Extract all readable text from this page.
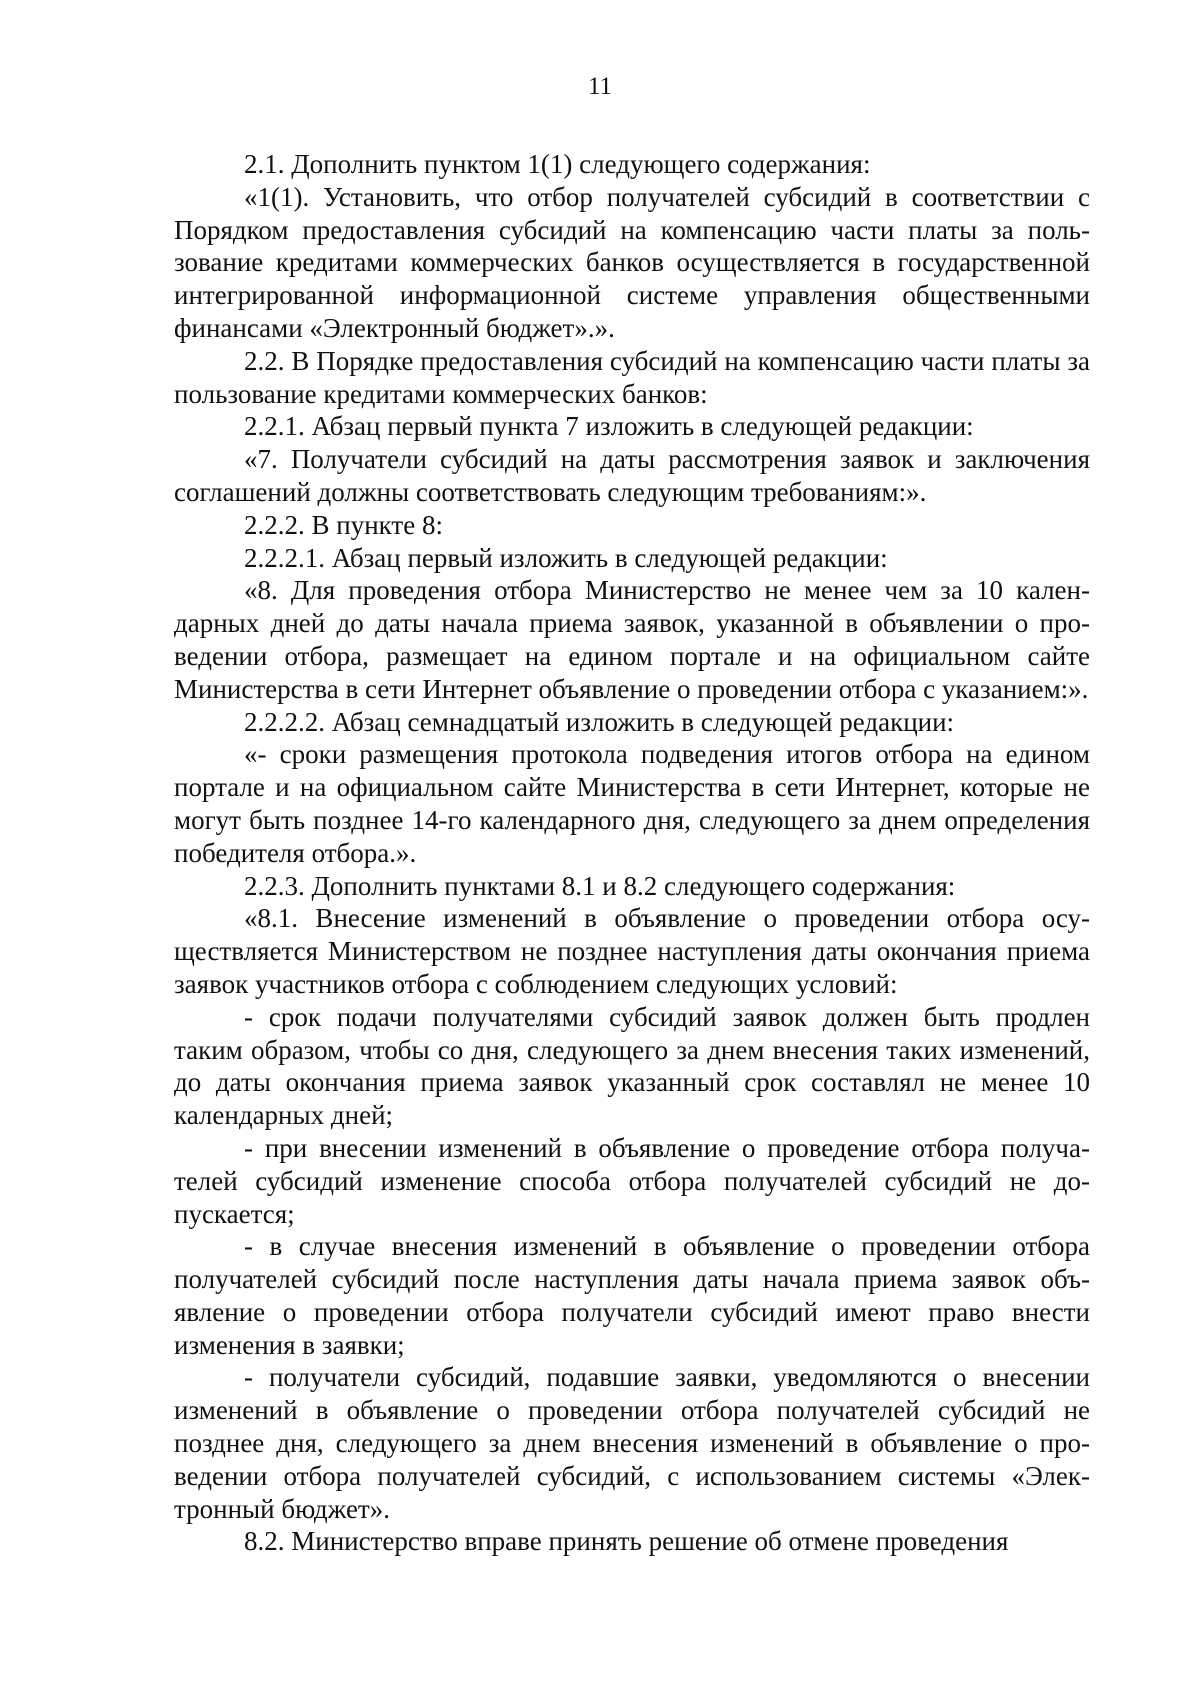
11

2.1. Дополнить пунктом 1(1) следующего содержания:

«1(1). Установить, что отбор получателей субсидий в соответствии с Порядком предоставления субсидий на компенсацию части платы за пользование кредитами коммерческих банков осуществляется в государственной интегрированной информационной системе управления общественными финансами «Электронный бюджет».».

2.2. В Порядке предоставления субсидий на компенсацию части платы за пользование кредитами коммерческих банков:

2.2.1. Абзац первый пункта 7 изложить в следующей редакции:

«7. Получатели субсидий на даты рассмотрения заявок и заключения соглашений должны соответствовать следующим требованиям:».

2.2.2. В пункте 8:

2.2.2.1. Абзац первый изложить в следующей редакции:

«8. Для проведения отбора Министерство не менее чем за 10 календарных дней до даты начала приема заявок, указанной в объявлении о проведении отбора, размещает на едином портале и на официальном сайте Министерства в сети Интернет объявление о проведении отбора с указанием:».

2.2.2.2. Абзац семнадцатый изложить в следующей редакции:

«- сроки размещения протокола подведения итогов отбора на едином портале и на официальном сайте Министерства в сети Интернет, которые не могут быть позднее 14-го календарного дня, следующего за днем определения победителя отбора.».

2.2.3. Дополнить пунктами 8.1 и 8.2 следующего содержания:

«8.1. Внесение изменений в объявление о проведении отбора осуществляется Министерством не позднее наступления даты окончания приема заявок участников отбора с соблюдением следующих условий:

- срок подачи получателями субсидий заявок должен быть продлен таким образом, чтобы со дня, следующего за днем внесения таких изменений, до даты окончания приема заявок указанный срок составлял не менее 10 календарных дней;

- при внесении изменений в объявление о проведение отбора получателей субсидий изменение способа отбора получателей субсидий не допускается;

- в случае внесения изменений в объявление о проведении отбора получателей субсидий после наступления даты начала приема заявок объявление о проведении отбора получатели субсидий имеют право внести изменения в заявки;

- получатели субсидий, подавшие заявки, уведомляются о внесении изменений в объявление о проведении отбора получателей субсидий не позднее дня, следующего за днем внесения изменений в объявление о проведении отбора получателей субсидий, с использованием системы «Электронный бюджет».

8.2. Министерство вправе принять решение об отмене проведения
